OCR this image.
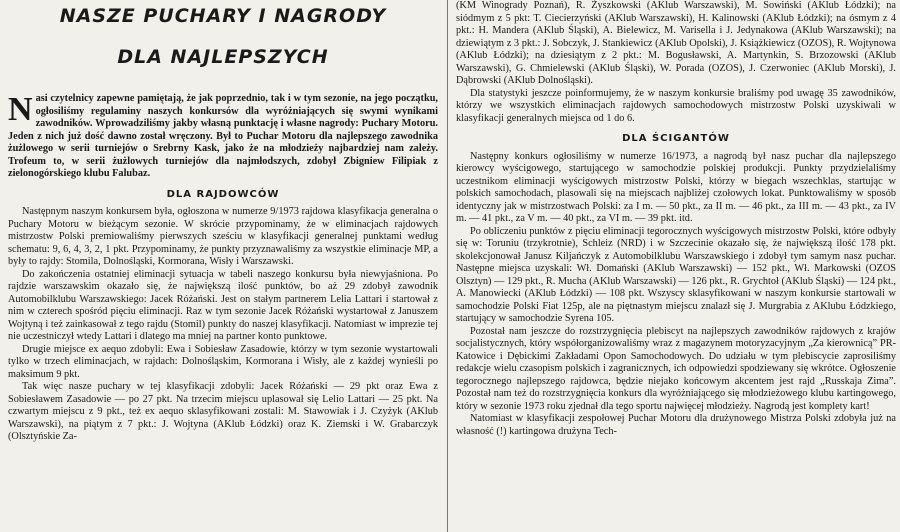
NASZE PUCHARY I NAGRODY
DLA NAJLEPSZYCH

Nasi czytelnicy zapewne pamiętają, że jak poprzednio, tak i w tym sezonie, na jego początku, ogłosiliśmy regulaminy naszych konkursów dla wyróżniających się swymi wynikami zawodników. Wprowadziliśmy jakby własną punktację i własne nagrody: Puchary Motoru. Jeden z nich już dość dawno został wręczony. Był to Puchar Motoru dla najlepszego zawodnika żużlowego w serii turniejów o Srebrny Kask, jako że na młodzieży najbardziej nam zależy. Trofeum to, w serii żużlowych turniejów dla najmłodszych, zdobył Zbigniew Filipiak z zielonogórskiego klubu Falubaz.

DLA RAJDOWCÓW

Następnym naszym konkursem była, ogłoszona w numerze 9/1973 rajdowa klasyfikacja generalna o Puchary Motoru w bieżącym sezonie. W skrócie przypominamy, że w eliminacjach rajdowych mistrzostw Polski premiowaliśmy pierwszych sześciu w klasyfikacji generalnej punktami według schematu: 9, 6, 4, 3, 2, 1 pkt. Przypominamy, że punkty przyznawaliśmy za wszystkie eliminacje MP, a były to rajdy: Stomila, Dolnośląski, Kormorana, Wisły i Warszawski.

Do zakończenia ostatniej eliminacji sytuacja w tabeli naszego konkursu była niewyjaśniona. Po rajdzie warszawskim okazało się, że największą ilość punktów, bo aż 29 zdobył zawodnik Automobilklubu Warszawskiego: Jacek Różański. Jest on stałym partnerem Lelia Lattari i startował z nim w czterech spośród pięciu eliminacji. Raz w tym sezonie Jacek Różański wystartował z Januszem Wojtyną i też zainkasował z tego rajdu (Stomil) punkty do naszej klasyfikacji. Natomiast w imprezie tej nie uczestniczył wtedy Lattari i dlatego ma mniej na partner konto punktowe.

Drugie miejsce ex aequo zdobyli: Ewa i Sobiesław Zasadowie, którzy w tym sezonie wystartowali tylko w trzech eliminacjach, w rajdach: Dolnośląskim, Kormorana i Wisły, ale z każdej wynieśli po maksimum 9 pkt.

Tak więc nasze puchary w tej klasyfikacji zdobyli: Jacek Różański — 29 pkt oraz Ewa z Sobiesławem Zasadowie — po 27 pkt. Na trzecim miejscu uplasował się Lelio Lattari — 25 pkt. Na czwartym miejscu z 9 pkt., też ex aequo sklasyfikowani zostali: M. Stawowiak i J. Czyżyk (AKlub Warszawski), na piątym z 7 pkt.: J. Wojtyna (AKlub Łódzki) oraz K. Ziemski i W. Grabarczyk (Olsztyńskie Za-

(KM Winogrady Poznań), R. Żyszkowski (AKlub Warszawski), M. Sowiński (AKlub Łódzki); na siódmym z 5 pkt: T. Ciecierzyński (AKlub Warszawski), H. Kalinowski (AKlub Łódzki); na ósmym z 4 pkt.: H. Mandera (AKlub Śląski), A. Bielewicz, M. Varisella i J. Jedynakowa (AKlub Warszawski); na dziewiątym z 3 pkt.: J. Sobczyk, J. Stankiewicz (AKlub Opolski), J. Książkiewicz (OZOS), R. Wojtynowa (AKlub Łódzki); na dziesiątym z 2 pkt.: M. Bogusławski, A. Martynkin, S. Brzozowski (AKlub Warszawski), G. Chmielewski (AKlub Śląski), W. Porada (OZOS), J. Czerwoniec (AKlub Morski), J. Dąbrowski (AKlub Dolnośląski).

Dla statystyki jeszcze poinformujemy, że w naszym konkursie braliśmy pod uwagę 35 zawodników, którzy we wszystkich eliminacjach rajdowych samochodowych mistrzostw Polski uzyskiwali w klasyfikacji generalnych miejsca od 1 do 6.

DLA ŚCIGANTÓW

Następny konkurs ogłosiliśmy w numerze 16/1973, a nagrodą był nasz puchar dla najlepszego kierowcy wyścigowego, startującego w samochodzie polskiej produkcji. Punkty przydzielaliśmy uczestnikom eliminacji wyścigowych mistrzostw Polski, którzy w biegach wszechklas, startując w polskich samochodach, plasowali się na miejscach najbliżej czołowych lokat. Punktowaliśmy w sposób identyczny jak w mistrzostwach Polski: za I m. — 50 pkt., za II m. — 46 pkt., za III m. — 43 pkt., za IV m. — 41 pkt., za V m. — 40 pkt., za VI m. — 39 pkt. itd.

Po obliczeniu punktów z pięciu eliminacji tegorocznych wyścigowych mistrzostw Polski, które odbyły się w: Toruniu (trzykrotnie), Schleiz (NRD) i w Szczecinie okazało się, że największą ilość 178 pkt. skolekcjonował Janusz Kiljańczyk z Automobilklubu Warszawskiego i zdobył tym samym nasz puchar. Następne miejsca uzyskali: Wł. Domański (AKlub Warszawski) — 152 pkt., Wł. Markowski (OZOS Olsztyn) — 129 pkt., R. Mucha (AKlub Warszawski) — 126 pkt., R. Grychtoł (AKlub Śląski) — 124 pkt., A. Manowiecki (AKlub Łódzki) — 108 pkt. Wszyscy sklasyfikowani w naszym konkursie startowali w samochodzie Polski Fiat 125p, ale na piętnastym miejscu znalazł się J. Murgrabia z AKlubu Łódzkiego, startujący w samochodzie Syrena 105.

Pozostał nam jeszcze do rozstrzygnięcia plebiscyt na najlepszych zawodników rajdowych z krajów socjalistycznych, który współorganizowaliśmy wraz z magazynem motoryzacyjnym „Za kierownicą” PR-Katowice i Dębickimi Zakładami Opon Samochodowych. Do udziału w tym plebiscycie zaprosiliśmy redakcje wielu czasopism polskich i zagranicznych, ich odpowiedzi spodziewany się wkrótce. Ogłoszenie tegorocznego najlepszego rajdowca, będzie niejako końcowym akcentem jest rajd „Russkaja Zima”. Pozostał nam też do rozstrzygnięcia konkurs dla wyróżniającego się młodzieżowego klubu kartingowego, który w sezonie 1973 roku zjednał dla tego sportu najwięcej młodzieży. Nagrodą jest komplety kart!

Natomiast w klasyfikacji zespołowej Puchar Motoru dla drużynowego Mistrza Polski zdobyła już na własność (!) kartingowa drużyna Tech-
